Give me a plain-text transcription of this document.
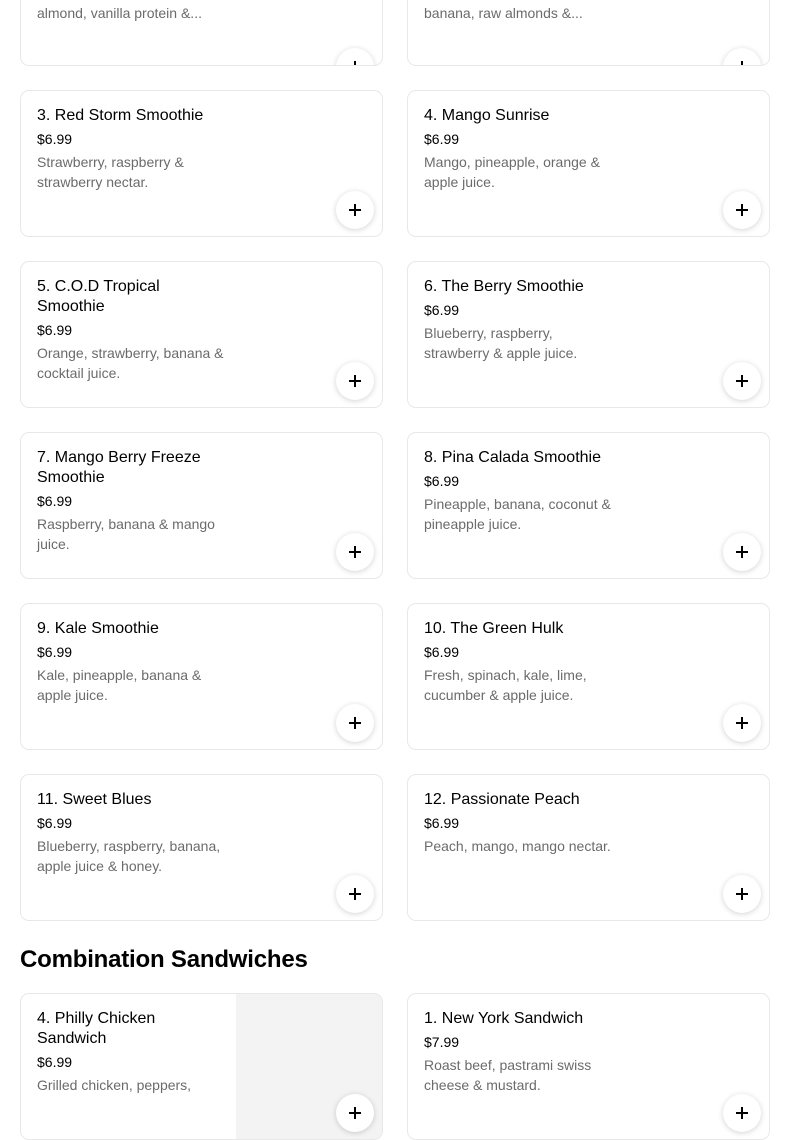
almond, vanilla protein &...	banana, raw almonds &...
3. Red Storm Smoothie
$6.99
Strawberry, raspberry & strawberry nectar.
4. Mango Sunrise
$6.99
Mango, pineapple, orange & apple juice.
5. C.O.D Tropical Smoothie
$6.99
Orange, strawberry, banana & cocktail juice.
6. The Berry Smoothie
$6.99
Blueberry, raspberry, strawberry & apple juice.
7. Mango Berry Freeze Smoothie
$6.99
Raspberry, banana & mango juice.
8. Pina Calada Smoothie
$6.99
Pineapple, banana, coconut & pineapple juice.
9. Kale Smoothie
$6.99
Kale, pineapple, banana & apple juice.
10. The Green Hulk
$6.99
Fresh, spinach, kale, lime, cucumber & apple juice.
11. Sweet Blues
$6.99
Blueberry, raspberry, banana, apple juice & honey.
12. Passionate Peach
$6.99
Peach, mango, mango nectar.
Combination Sandwiches
4. Philly Chicken Sandwich
$6.99
Grilled chicken, peppers,
1. New York Sandwich
$7.99
Roast beef, pastrami swiss cheese & mustard.
